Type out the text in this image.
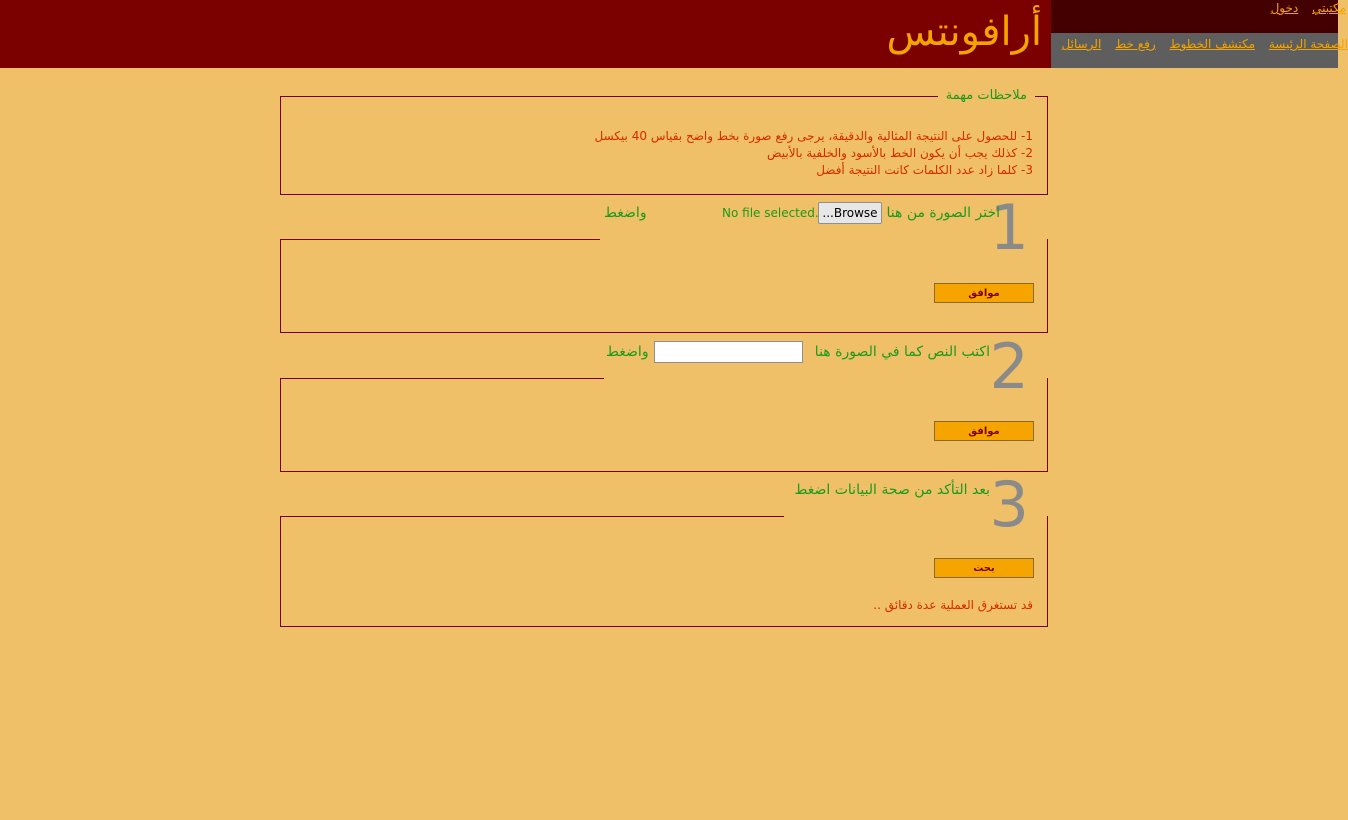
أرافونتس
مكتبتي دخول
الصفحة الرئيسة مكتشف الخطوط رفع خط الرسائل
ملاحظات مهمة
1- للحصول على النتيجة المثالية والدقيقة، يرجى رفع صورة بخط واضح بقياس 40 بيكسل
2- كذلك يجب أن يكون الخط بالأسود والخلفية بالأبيض
3- كلما زاد عدد الكلمات كانت النتيجة أفضل
1
اختر الصورة من هنا
Browse...
No file selected.
واضغط
موافق
2
اكتب النص كما في الصورة هنا
واضغط
موافق
3
بعد التأكد من صحة البيانات اضغط
بحث
قد تستغرق العملية عدة دقائق ..
